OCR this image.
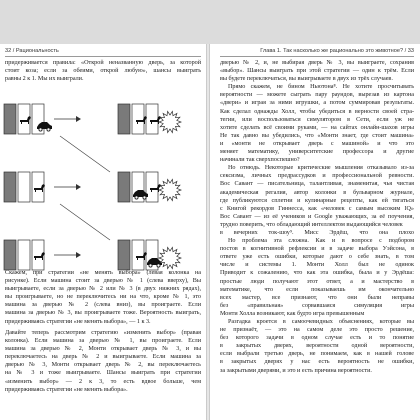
32 / Рациональность
придерживается правила: «Открой неназванную дверь, за которой
стоит коза; если за обеими, открой любую», шансы выиграть
равны 2 к 1. Мы их выиграли.
Скажем, при стратегии «не менять выбора» (левая колонка на
рисунке). Если машина стоит за дверью № 1 (слева вверху), Вы
выигрываете, если за дверью № 2 или № 3 (в двух нижних рядах),
вы проигрываете, но не переключитесь ни на что, кроме № 1, это
машина за дверью № 2 (слева вниз), вы проиграете. Если
машина за дверью № 3, вы проигрываете тоже. Вероятность выиграть,
придерживаясь стратегии «не менять выбора», — 1 к 3.
Давайте теперь рассмотрим стратегию «изменить выбор» (правая
колонка). Если машина за дверью № 1, вы проиграете. Если
машина за дверью № 2, Монти открывает дверь № 3, и вы
переключаетесь на дверь № 2 и выигрываете. Если машина за
дверью № 3, Монти открывает дверь № 2, вы переключаетесь
на № 3 и тоже выигрываете. Шансы выиграть при стратегии
«изменить выбор» — 2 к 3, то есть вдвое больше, чем
придерживаясь стратегии «не менять выбора».
Глава 1. Так насколько же рационально это животное? / 33
дверью № 2, и, не выбирая дверь № 3, вы выиграете, сохранив
«выбор». Шансы выиграть при этой стратегии — один к трём. Если
вы будете переключаться, вы выигрываете в двух из трёх случаев.
Прямо скажем, не бином Ньютона⁸. Не хотите просчитывать
вероятности — можете сыграть пару раундов, вырезав из картона
«двери» и играя за ними игрушки, а потом суммировав результаты.
Как сделал однажды Холл, чтобы убедиться в верности своей стра-
тегии, или воспользоваться симулятором в Сети, если уж не
хотите сделать всё своими руками, — на сайтах онлайн-шахов игры
Не так давно вы убедились, что «Монти знает, где стоит машина»
и «монти не открывает дверь с машиной» и что это
меняет математику, университетские профессора и другие
начинали так сверхпоспешно?
Но отнюдь. Некоторые критические мышления отказывало из-за
сексизма, личных предрассудков и профессиональной ревности.
Вос Савант — писательница, талантливая, знаменитая, чья чистая
академическая регалия, автор колонки в бульварном журнале,
где публикуются сплетни и кулинарные рецепты, как ей тягаться
с Книгой рекордов Гиннесса, как «человек с самым высоким IQ»
Вос Савант — из её учеников и Google уважающих, за её поучения,
трудно поверить, что обладающий интеллектом выдающийся человек
в вечерних ток-шоу⁹. Мисс Эрдёш, что она плохо
Но проблема эта сложна. Как и в вопросе с подбором
постов в когнитивной рефлексии и в задаче выбора Уэйсона, в
ответе уже есть ошибки, которые дают о себе знать, в том
числе и системы 1. Монти Холл был не одинок
Приводит к сожалению, что как эта ошибка, была и у Эрдёша:
простые люди получают этот ответ, а и мастерство в
математике, что если показываешь им окончательно
всех мастер, все признают, что они были неправы
без «правильная» сорвавшаяся симуляция игры
Монти Холла возникают, как будто игра превышенным
Разгадка кроется в самоочевидных объяснениях, которые вы
не признаёт, — это на самом деле это просто решение,
без которого задачи в одном случае есть и то понятие
в закрытых дверях, вероятности одной вероятности,
если выбрали третью дверь, не понимаем, как в нашей голове
в закрытых дверях у нас есть вероятность не ошибки,
за закрытыми дверями, и это и есть причина вероятности.
